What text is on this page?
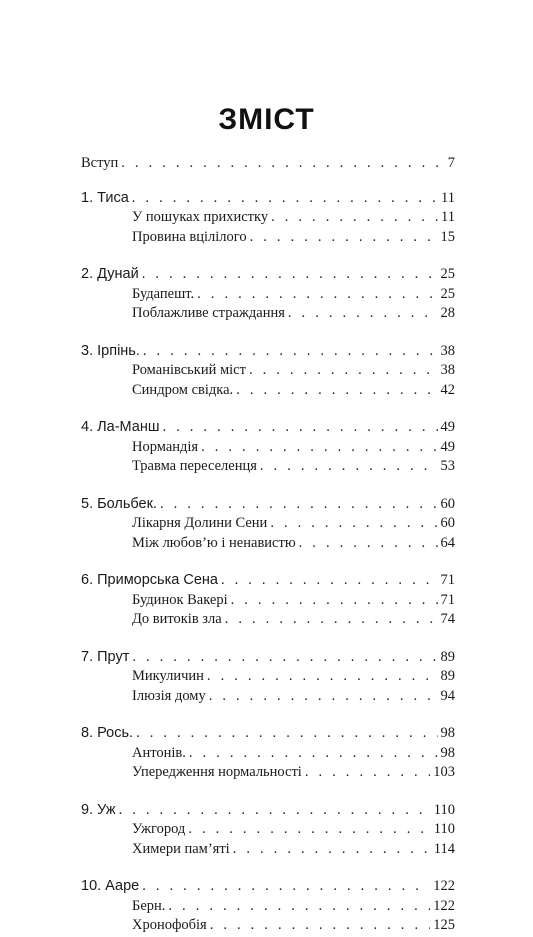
ЗМІСТ
Вступ . . .	7
1. Тиса . . .	11
У пошуках прихистку . . .	11
Провина вцілілого . . .	15
2. Дунай . . .	25
Будапешт. . . .	25
Поблажливе страждання . . .	28
3. Ірпінь. . . .	38
Романівський міст . . .	38
Синдром свідка. . . .	42
4. Ла-Манш . . .	49
Нормандія . . .	49
Травма переселенця . . .	53
5. Больбек. . . .	60
Лікарня Долини Сени . . .	60
Між любов’ю і ненавистю . . .	64
6. Приморська Сена . . .	71
Будинок Вакері . . .	71
До витоків зла . . .	74
7. Прут . . .	89
Микуличин . . .	89
Ілюзія дому . . .	94
8. Рось. . . .	98
Антонів. . . .	98
Упередження нормальності . . .	103
9. Уж . . .	110
Ужгород . . .	110
Химери пам’яті . . .	114
10. Ааре . . .	122
Берн. . . .	122
Хронофобія . . .	125
